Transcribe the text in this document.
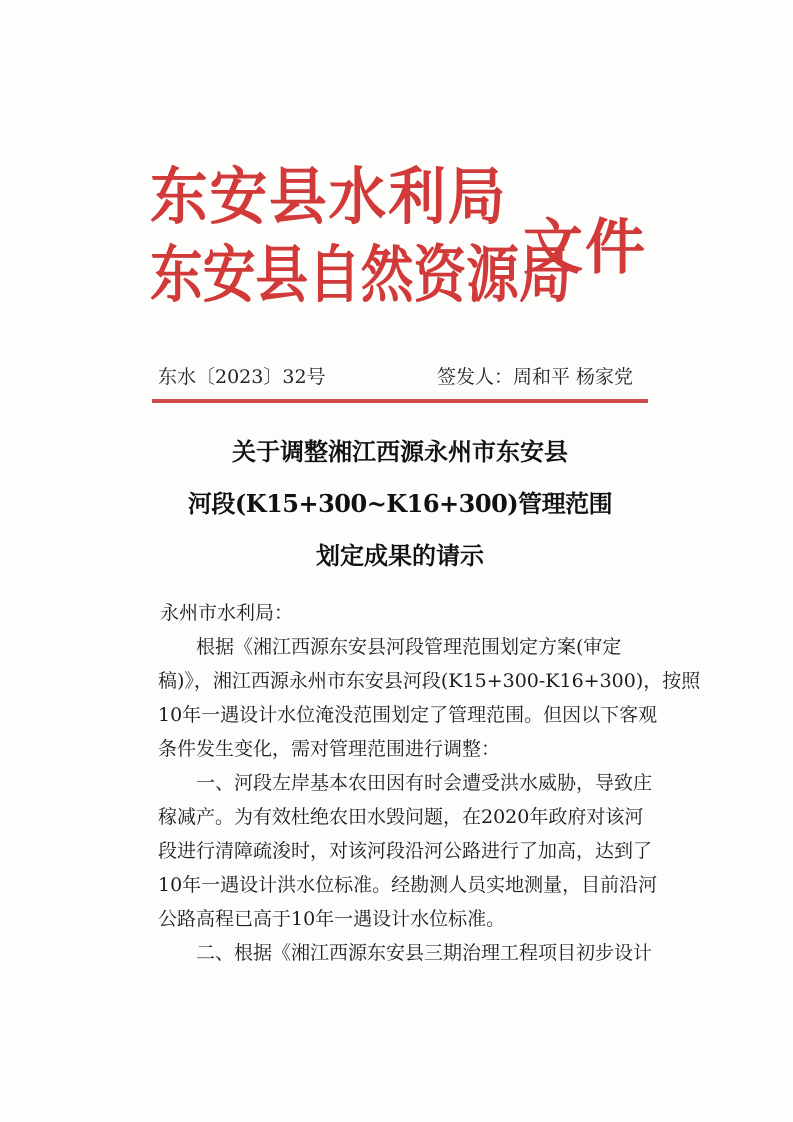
东安县水利局
东安县自然资源局
文件
东水〔2023〕32号	签发人：周和平 杨家党
关于调整湘江西源永州市东安县
河段(K15+300~K16+300)管理范围
划定成果的请示
永州市水利局：
根据《湘江西源东安县河段管理范围划定方案(审定
稿)》，湘江西源永州市东安县河段(K15+300-K16+300)，按照
10年一遇设计水位淹没范围划定了管理范围。但因以下客观
条件发生变化，需对管理范围进行调整：
一、河段左岸基本农田因有时会遭受洪水威胁，导致庄
稼减产。为有效杜绝农田水毁问题，在2020年政府对该河
段进行清障疏浚时，对该河段沿河公路进行了加高，达到了
10年一遇设计洪水位标准。经勘测人员实地测量，目前沿河
公路高程已高于10年一遇设计水位标准。
二、根据《湘江西源东安县三期治理工程项目初步设计
